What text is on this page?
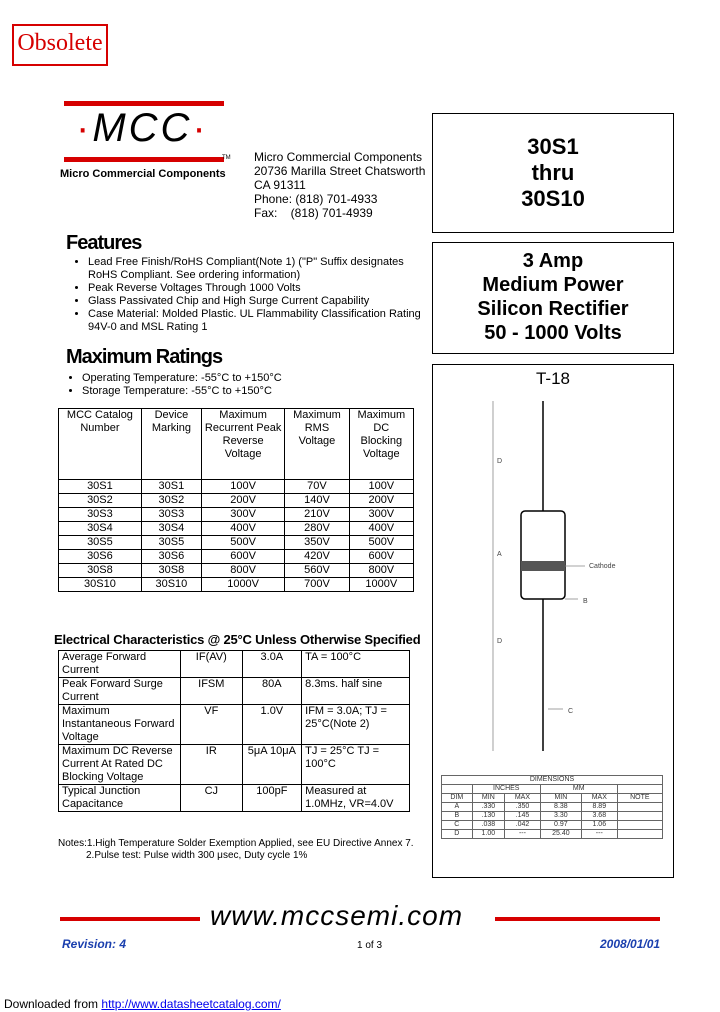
Obsolete
·MCC·
TM
Micro Commercial Components
Micro Commercial Components
20736 Marilla Street Chatsworth
CA 91311
Phone: (818) 701-4933
Fax:    (818) 701-4939
30S1
thru
30S10
3 Amp
Medium Power
Silicon Rectifier
50 - 1000 Volts
Features
• Lead Free Finish/RoHS Compliant(Note 1) ("P" Suffix designates RoHS Compliant. See ordering information)
• Peak Reverse Voltages Through 1000 Volts
• Glass Passivated Chip and High Surge Current Capability
• Case Material: Molded Plastic. UL Flammability Classification Rating 94V-0 and MSL Rating 1
Maximum Ratings
• Operating Temperature: -55°C to +150°C
• Storage Temperature: -55°C to +150°C
MCC Catalog Number	Device Marking	Maximum Recurrent Peak Reverse Voltage	Maximum RMS Voltage	Maximum DC Blocking Voltage
30S1	30S1	100V	70V	100V
30S2	30S2	200V	140V	200V
30S3	30S3	300V	210V	300V
30S4	30S4	400V	280V	400V
30S5	30S5	500V	350V	500V
30S6	30S6	600V	420V	600V
30S8	30S8	800V	560V	800V
30S10	30S10	1000V	700V	1000V
Electrical Characteristics @ 25°C Unless Otherwise Specified
Average Forward Current	IF(AV)	3.0A	TA = 100°C
Peak Forward Surge Current	IFSM	80A	8.3ms. half sine
Maximum Instantaneous Forward Voltage	VF	1.0V	IFM = 3.0A; TJ = 25°C(Note 2)
Maximum DC Reverse Current At Rated DC Blocking Voltage	IR	5μA 10μA	TJ = 25°C TJ = 100°C
Typical Junction Capacitance	CJ	100pF	Measured at 1.0MHz, VR=4.0V
Notes:1.High Temperature Solder Exemption Applied, see EU Directive Annex 7.
2.Pulse test: Pulse width 300 μsec, Duty cycle 1%
T-18
D
A
B
D
C
Cathode
DIMENSIONS					
	INCHES		MM		
DIM	MIN	MAX	MIN	MAX	NOTE
A	.330	.350	8.38	8.89	
B	.130	.145	3.30	3.68	
C	.038	.042	0.97	1.06	
D	1.00	---	25.40	---	
www.mccsemi.com
Revision: 4	1 of 3	2008/01/01
Downloaded from http://www.datasheetcatalog.com/
